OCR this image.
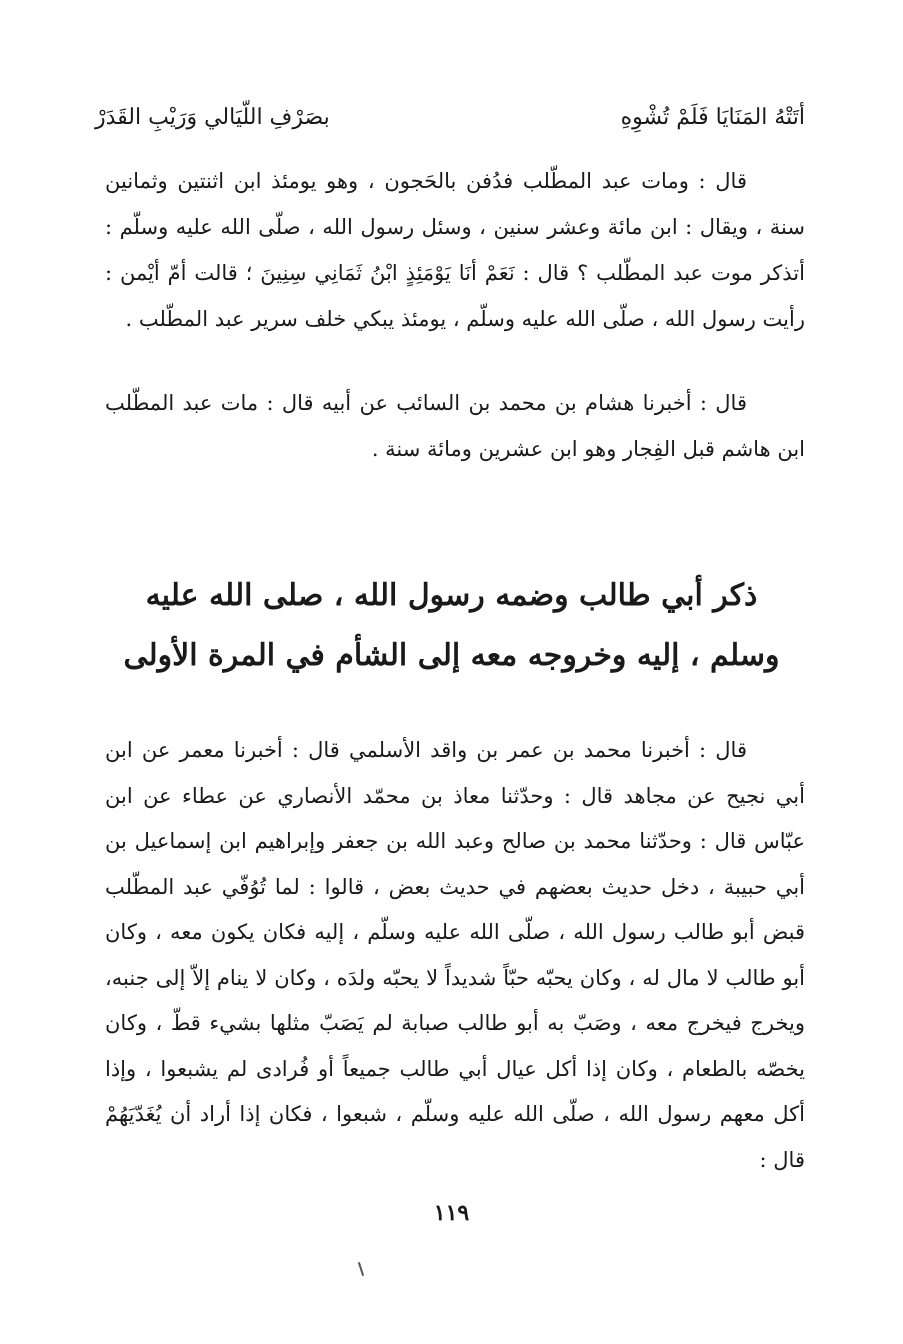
أتَتْهُ المَنَايَا فَلَمْ تُشْوِهِ
بصَرْفِ اللّيَالي وَرَيْبِ القَدَرْ

قال : ومات عبد المطّلب فدُفن بالحَجون ، وهو يومئذ ابن اثنتين وثمانين سنة ، ويقال : ابن مائة وعشر سنين ، وسئل رسول الله ، صلّى الله عليه وسلّم : أتذكر موت عبد المطّلب ؟ قال : نَعَمْ أنَا يَوْمَئِذٍ ابْنُ ثَمَانِي سِنِينَ ؛ قالت أمّ أيْمن : رأيت رسول الله ، صلّى الله عليه وسلّم ، يومئذ يبكي خلف سرير عبد المطّلب .

قال : أخبرنا هشام بن محمد بن السائب عن أبيه قال : مات عبد المطّلب ابن هاشم قبل الفِجار وهو ابن عشرين ومائة سنة .

ذكر أبي طالب وضمه رسول الله ، صلى الله عليه
وسلم ، إليه وخروجه معه إلى الشأم في المرة الأولى

قال : أخبرنا محمد بن عمر بن واقد الأسلمي قال : أخبرنا معمر عن ابن أبي نجيح عن مجاهد قال : وحدّثنا معاذ بن محمّد الأنصاري عن عطاء عن ابن عبّاس قال : وحدّثنا محمد بن صالح وعبد الله بن جعفر وإبراهيم ابن إسماعيل بن أبي حبيبة ، دخل حديث بعضهم في حديث بعض ، قالوا : لما تُوُفّي عبد المطّلب قبض أبو طالب رسول الله ، صلّى الله عليه وسلّم ، إليه فكان يكون معه ، وكان أبو طالب لا مال له ، وكان يحبّه حبّاً شديداً لا يحبّه ولدَه ، وكان لا ينام إلاّ إلى جنبه، ويخرج فيخرج معه ، وصَبّ به أبو طالب صبابة لم يَصَبّ مثلها بشيء قطّ ، وكان يخصّه بالطعام ، وكان إذا أكل عيال أبي طالب جميعاً أو فُرادى لم يشبعوا ، وإذا أكل معهم رسول الله ، صلّى الله عليه وسلّم ، شبعوا ، فكان إذا أراد أن يُغَدّيَهُمْ قال :

١١٩
